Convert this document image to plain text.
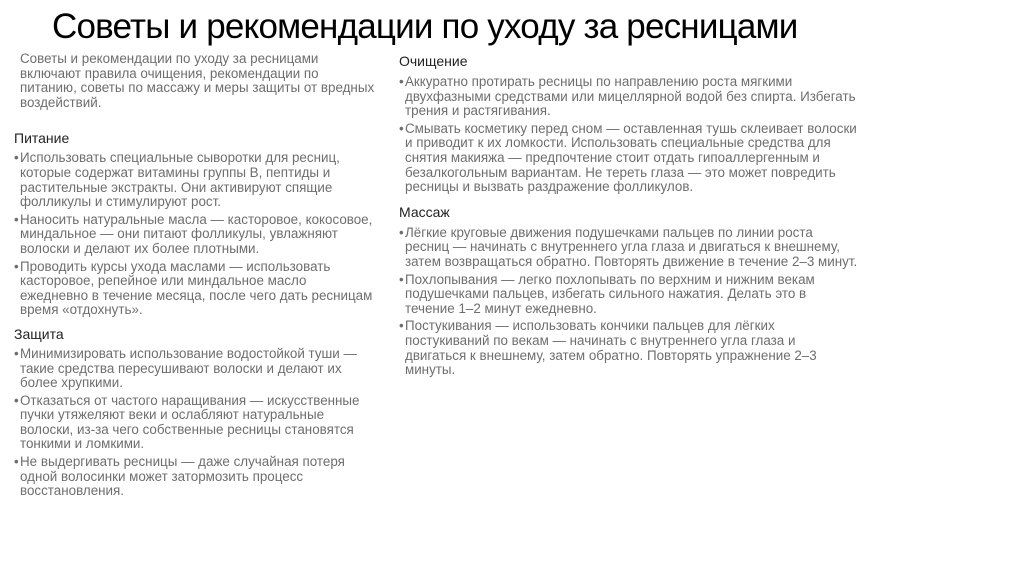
Советы и рекомендации по уходу за ресницами

Советы и рекомендации по уходу за ресницами включают правила очищения, рекомендации по питанию, советы по массажу и меры защиты от вредных воздействий.

Питание

•Использовать специальные сыворотки для ресниц, которые содержат витамины группы B, пептиды и растительные экстракты. Они активируют спящие фолликулы и стимулируют рост.
•Наносить натуральные масла — касторовое, кокосовое, миндальное — они питают фолликулы, увлажняют волоски и делают их более плотными.
•Проводить курсы ухода маслами — использовать касторовое, репейное или миндальное масло ежедневно в течение месяца, после чего дать ресницам время «отдохнуть».

Защита

•Минимизировать использование водостойкой туши — такие средства пересушивают волоски и делают их более хрупкими.
•Отказаться от частого наращивания — искусственные пучки утяжеляют веки и ослабляют натуральные волоски, из-за чего собственные ресницы становятся тонкими и ломкими.
•Не выдергивать ресницы — даже случайная потеря одной волосинки может затормозить процесс восстановления.

Очищение

•Аккуратно протирать ресницы по направлению роста мягкими двухфазными средствами или мицеллярной водой без спирта. Избегать трения и растягивания.
•Смывать косметику перед сном — оставленная тушь склеивает волоски и приводит к их ломкости. Использовать специальные средства для снятия макияжа — предпочтение стоит отдать гипоаллергенным и безалкогольным вариантам. Не тереть глаза — это может повредить ресницы и вызвать раздражение фолликулов.

Массаж

•Лёгкие круговые движения подушечками пальцев по линии роста ресниц — начинать с внутреннего угла глаза и двигаться к внешнему, затем возвращаться обратно. Повторять движение в течение 2–3 минут.
•Похлопывания — легко похлопывать по верхним и нижним векам подушечками пальцев, избегать сильного нажатия. Делать это в течение 1–2 минут ежедневно.
•Постукивания — использовать кончики пальцев для лёгких постукиваний по векам — начинать с внутреннего угла глаза и двигаться к внешнему, затем обратно. Повторять упражнение 2–3 минуты.
